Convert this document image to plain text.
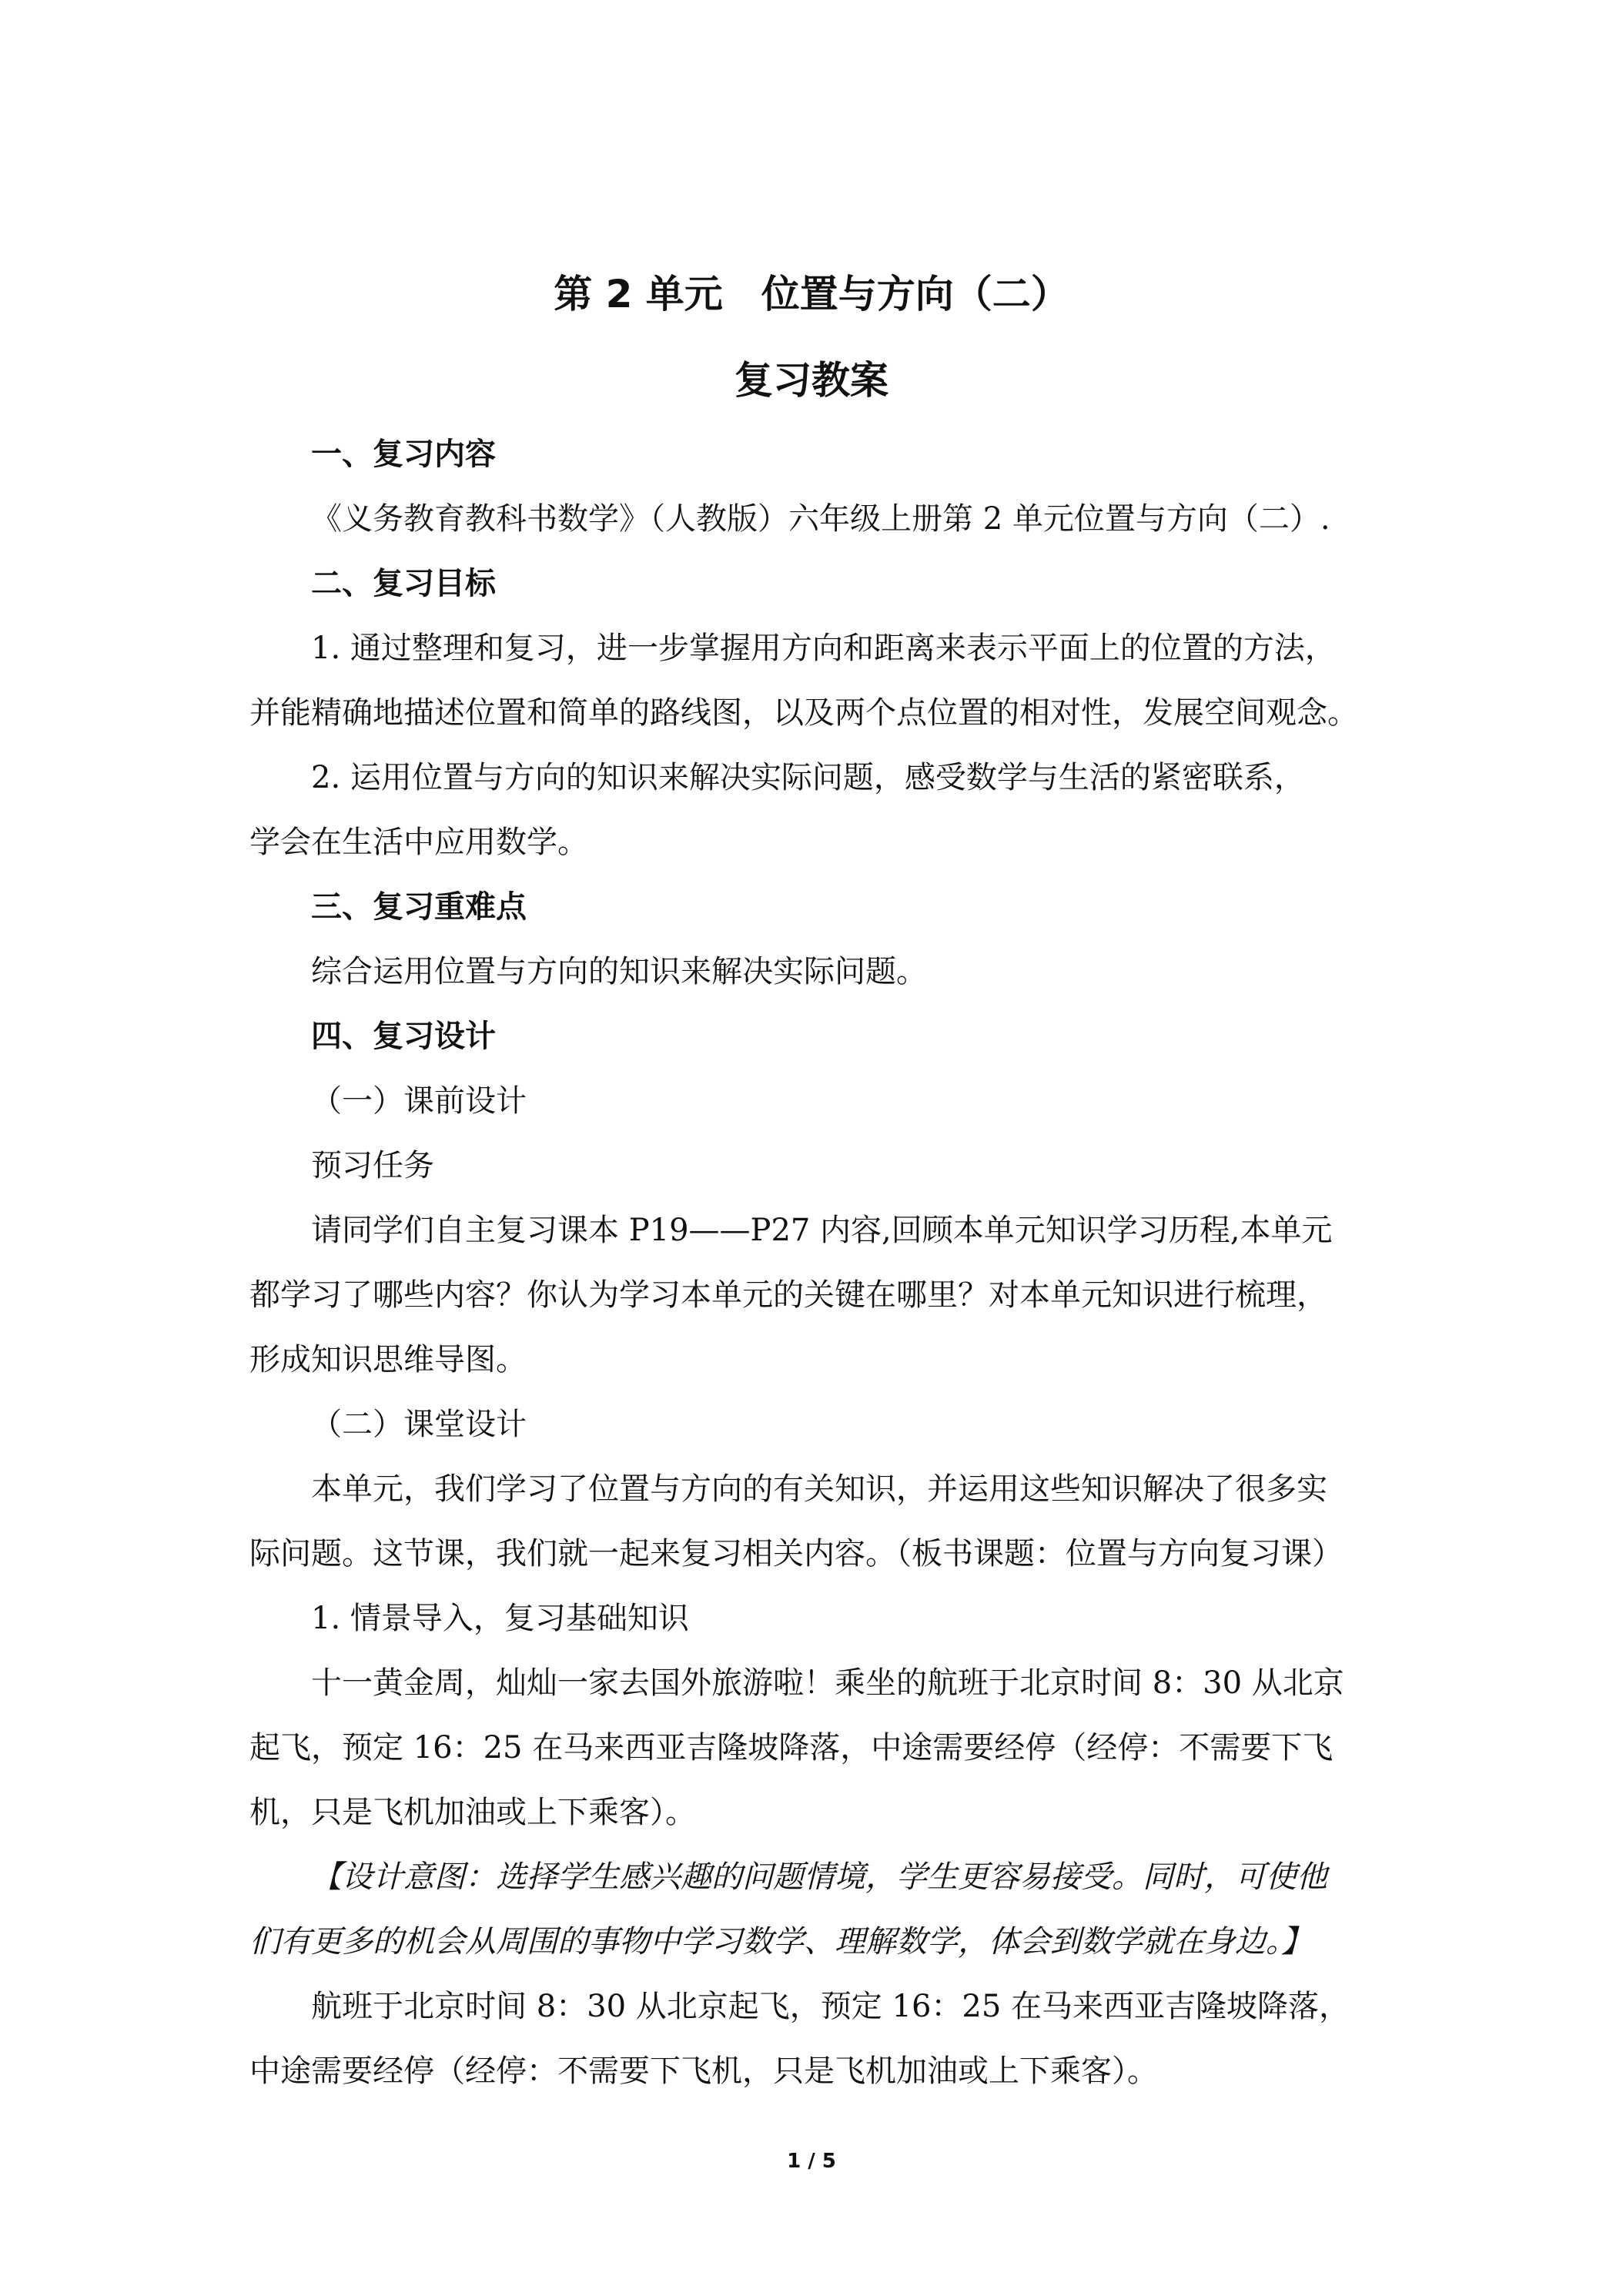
第 2 单元 位置与方向（二）
复习教案
一、复习内容
《义务教育教科书数学》（人教版）六年级上册第 2 单元位置与方向（二）.
二、复习目标
1. 通过整理和复习，进一步掌握用方向和距离来表示平面上的位置的方法，
并能精确地描述位置和简单的路线图，以及两个点位置的相对性，发展空间观念。
2. 运用位置与方向的知识来解决实际问题，感受数学与生活的紧密联系，
学会在生活中应用数学。
三、复习重难点
综合运用位置与方向的知识来解决实际问题。
四、复习设计
（一）课前设计
预习任务
请同学们自主复习课本 P19——P27 内容,回顾本单元知识学习历程,本单元
都学习了哪些内容？你认为学习本单元的关键在哪里？对本单元知识进行梳理，
形成知识思维导图。
（二）课堂设计
本单元，我们学习了位置与方向的有关知识，并运用这些知识解决了很多实
际问题。这节课，我们就一起来复习相关内容。（板书课题：位置与方向复习课）
1. 情景导入，复习基础知识
十一黄金周，灿灿一家去国外旅游啦！乘坐的航班于北京时间 8：30 从北京
起飞，预定 16：25 在马来西亚吉隆坡降落，中途需要经停（经停：不需要下飞
机，只是飞机加油或上下乘客）。
【设计意图：选择学生感兴趣的问题情境，学生更容易接受。同时，可使他
们有更多的机会从周围的事物中学习数学、理解数学，体会到数学就在身边。】
航班于北京时间 8：30 从北京起飞，预定 16：25 在马来西亚吉隆坡降落，
中途需要经停（经停：不需要下飞机，只是飞机加油或上下乘客）。
1 / 5
